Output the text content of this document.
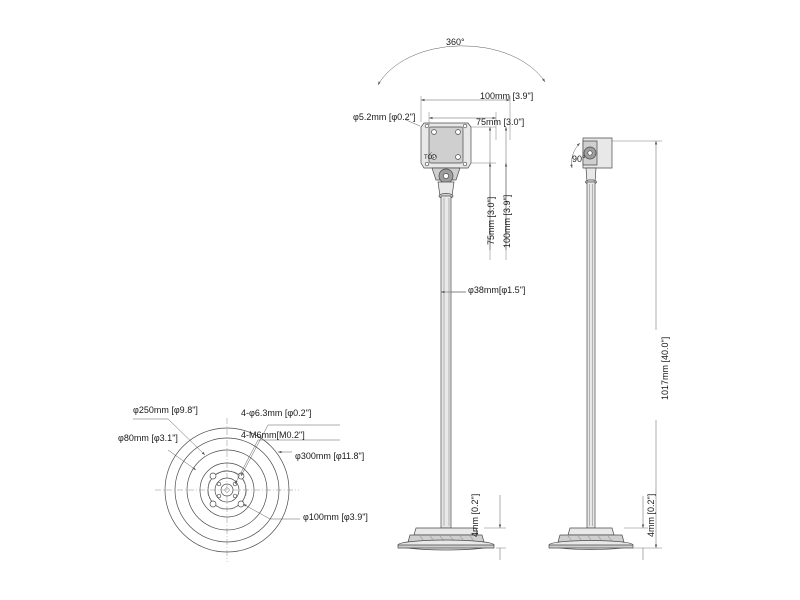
360°
90°
φ5.2mm [φ0.2"]
TOP
100mm [3.9"]
75mm [3.0"]
75mm [3.0"] 100mm [3.9"]
φ38mm[φ1.5"]
1017mm [40.0"]
4mm [0.2"]	4mm [0.2"]
φ250mm [φ9.8"]
φ80mm [φ3.1"]
4-φ6.3mm [φ0.2"]
4-M6mm[M0.2"]
φ300mm [φ11.8"]
φ100mm [φ3.9"]
